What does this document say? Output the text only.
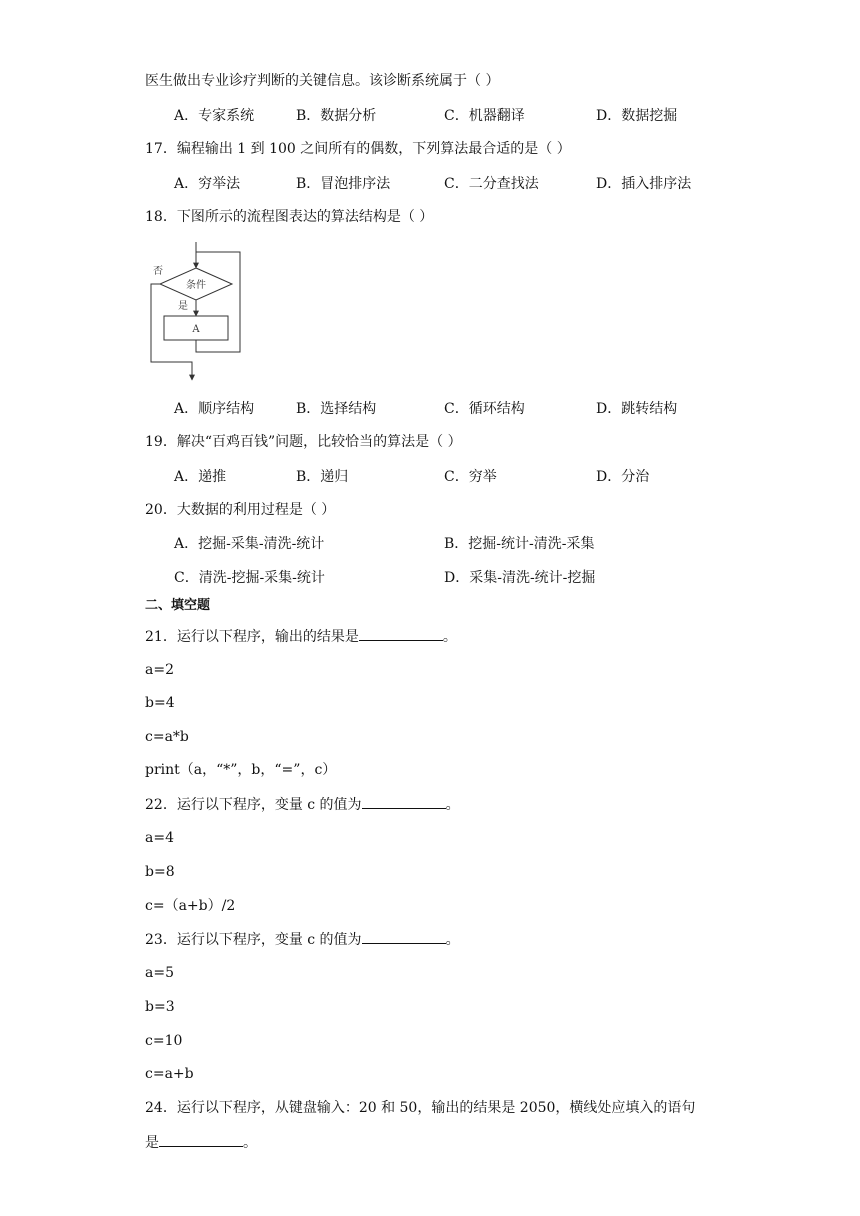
医生做出专业诊疗判断的关键信息。该诊断系统属于（ ）
A．专家系统	B．数据分析	C．机器翻译	D．数据挖掘
17．编程输出 1 到 100 之间所有的偶数，下列算法最合适的是（ ）
A．穷举法	B．冒泡排序法	C．二分查找法	D．插入排序法
18．下图所示的流程图表达的算法结构是（ ）
条件
是
A
否
A．顺序结构	B．选择结构	C．循环结构	D．跳转结构
19．解决“百鸡百钱”问题，比较恰当的算法是（ ）
A．递推	B．递归	C．穷举	D．分治
20．大数据的利用过程是（ ）
A．挖掘-采集-清洗-统计	B．挖掘-统计-清洗-采集
C．清洗-挖掘-采集-统计	D．采集-清洗-统计-挖掘
二、填空题
21．运行以下程序，输出的结果是	。
a=2
b=4
c=a*b
print（a，“*”，b，“=”，c）
22．运行以下程序，变量 c 的值为	。
a=4
b=8
c=（a+b）/2
23．运行以下程序，变量 c 的值为	。
a=5
b=3
c=10
c=a+b
24．运行以下程序，从键盘输入：20 和 50，输出的结果是 2050，横线处应填入的语句
是	。
